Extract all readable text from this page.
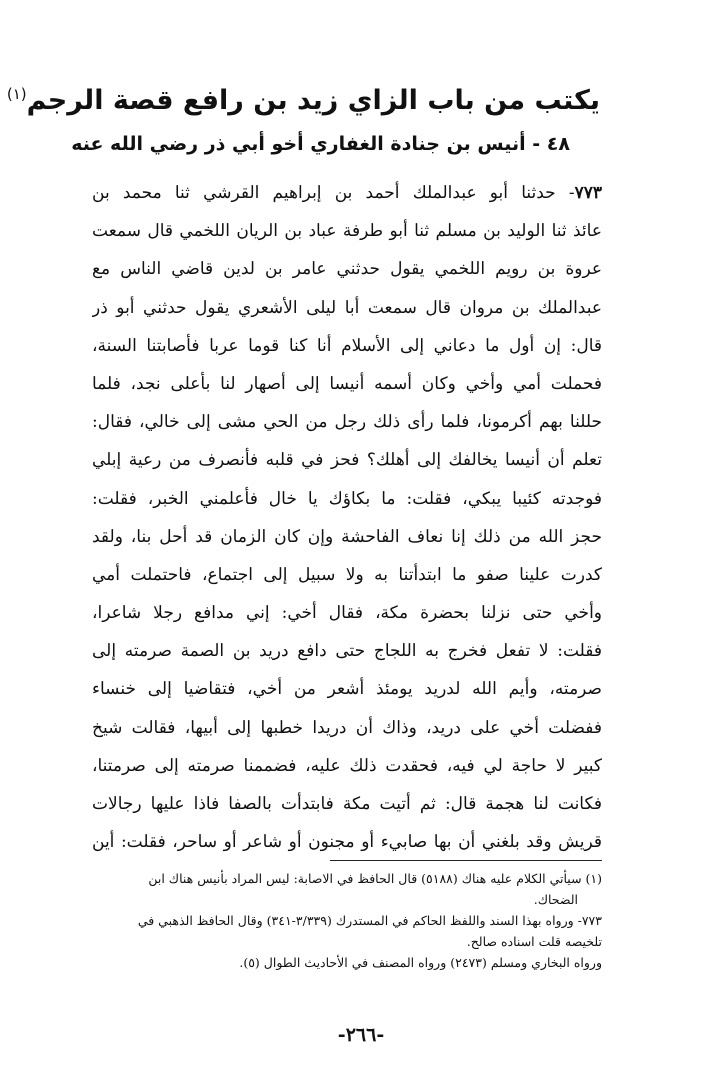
يكتب من باب الزاي زيد بن رافع قصة الرجم$^{(١)}$
٤٨ - أنيس بن جنادة الغفاري أخو أبي ذر رضي الله عنه
٧٧٣- حدثنا أبو عبدالملك أحمد بن إبراهيم القرشي ثنا محمد بن
عائذ ثنا الوليد بن مسلم ثنا أبو طرفة عباد بن الريان اللخمي قال سمعت
عروة بن رويم اللخمي يقول حدثني عامر بن لدين قاضي الناس مع
عبدالملك بن مروان قال سمعت أبا ليلى الأشعري يقول حدثني أبو ذر
قال: إن أول ما دعاني إلى الأسلام أنا كنا قوما عربا فأصابتنا السنة،
فحملت أمي وأخي وكان أسمه أنيسا إلى أصهار لنا بأعلى نجد، فلما
حللنا بهم أكرمونا، فلما رأى ذلك رجل من الحي مشى إلى خالي، فقال:
تعلم أن أنيسا يخالفك إلى أهلك؟ فحز في قلبه فأنصرف من رعية إبلي
فوجدته كئيبا يبكي، فقلت: ما بكاؤك يا خال فأعلمني الخبر، فقلت:
حجز الله من ذلك إنا نعاف الفاحشة وإن كان الزمان قد أحل بنا، ولقد
كدرت علينا صفو ما ابتدأتنا به ولا سبيل إلى اجتماع، فاحتملت أمي
وأخي حتى نزلنا بحضرة مكة، فقال أخي: إني مدافع رجلا شاعرا،
فقلت: لا تفعل فخرج به اللجاج حتى دافع دريد بن الصمة صرمته إلى
صرمته، وأيم الله لدريد يومئذ أشعر من أخي، فتقاضيا إلى خنساء
ففضلت أخي على دريد، وذاك أن دريدا خطبها إلى أبيها، فقالت شيخ
كبير لا حاجة لي فيه، فحقدت ذلك عليه، فضممنا صرمته إلى صرمتنا،
فكانت لنا هجمة قال: ثم أتيت مكة فابتدأت بالصفا فاذا عليها رجالات
قريش وقد بلغني أن بها صابيء أو مجنون أو شاعر أو ساحر، فقلت: أين
(١) سيأتي الكلام عليه هناك (٥١٨٨) قال الحافظ في الاصابة: ليس المراد بأنيس هناك ابن
الضحاك.
٧٧٣- ورواه بهذا السند واللفظ الحاكم في المستدرك (٣/٣٣٩-٣٤١) وقال الحافظ الذهبي في
تلخيصه قلت اسناده صالح.
ورواه البخاري ومسلم (٢٤٧٣) ورواه المصنف في الأحاديث الطوال (٥).
-٢٦٦-
